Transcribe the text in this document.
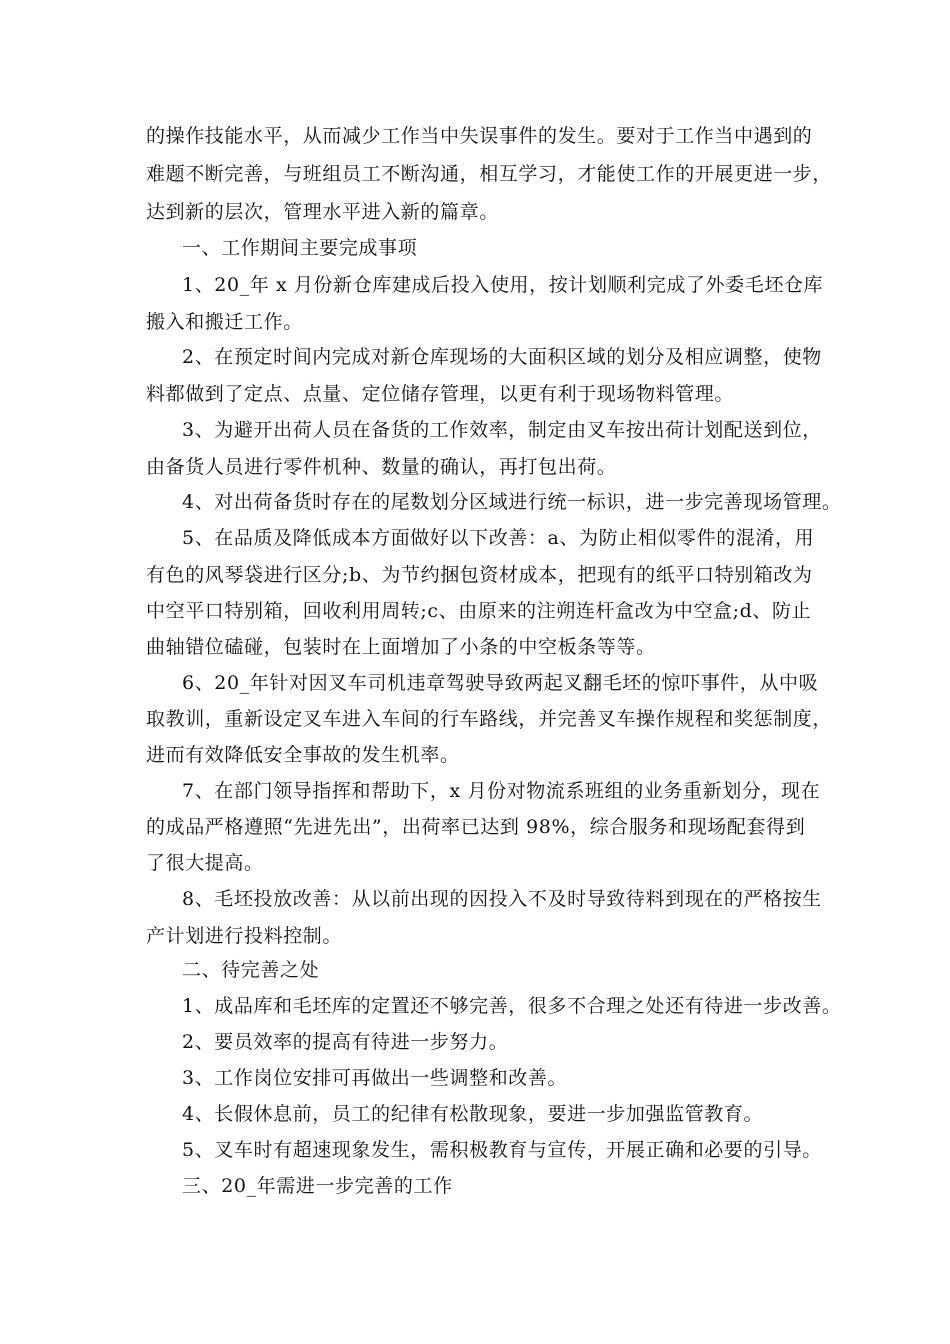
的操作技能水平，从而减少工作当中失误事件的发生。要对于工作当中遇到的
难题不断完善，与班组员工不断沟通，相互学习，才能使工作的开展更进一步，
达到新的层次，管理水平进入新的篇章。
一、工作期间主要完成事项
1、20_年 x 月份新仓库建成后投入使用，按计划顺利完成了外委毛坯仓库
搬入和搬迁工作。
2、在预定时间内完成对新仓库现场的大面积区域的划分及相应调整，使物
料都做到了定点、点量、定位储存管理，以更有利于现场物料管理。
3、为避开出荷人员在备货的工作效率，制定由叉车按出荷计划配送到位，
由备货人员进行零件机种、数量的确认，再打包出荷。
4、对出荷备货时存在的尾数划分区域进行统一标识，进一步完善现场管理。
5、在品质及降低成本方面做好以下改善：a、为防止相似零件的混淆，用
有色的风琴袋进行区分;b、为节约捆包资材成本，把现有的纸平口特别箱改为
中空平口特别箱，回收利用周转;c、由原来的注朔连杆盒改为中空盒;d、防止
曲轴错位磕碰，包装时在上面增加了小条的中空板条等等。
6、20_年针对因叉车司机违章驾驶导致两起叉翻毛坯的惊吓事件，从中吸
取教训，重新设定叉车进入车间的行车路线，并完善叉车操作规程和奖惩制度，
进而有效降低安全事故的发生机率。
7、在部门领导指挥和帮助下，x 月份对物流系班组的业务重新划分，现在
的成品严格遵照“先进先出”，出荷率已达到 98%，综合服务和现场配套得到
了很大提高。
8、毛坯投放改善：从以前出现的因投入不及时导致待料到现在的严格按生
产计划进行投料控制。
二、待完善之处
1、成品库和毛坯库的定置还不够完善，很多不合理之处还有待进一步改善。
2、要员效率的提高有待进一步努力。
3、工作岗位安排可再做出一些调整和改善。
4、长假休息前，员工的纪律有松散现象，要进一步加强监管教育。
5、叉车时有超速现象发生，需积极教育与宣传，开展正确和必要的引导。
三、20_年需进一步完善的工作
